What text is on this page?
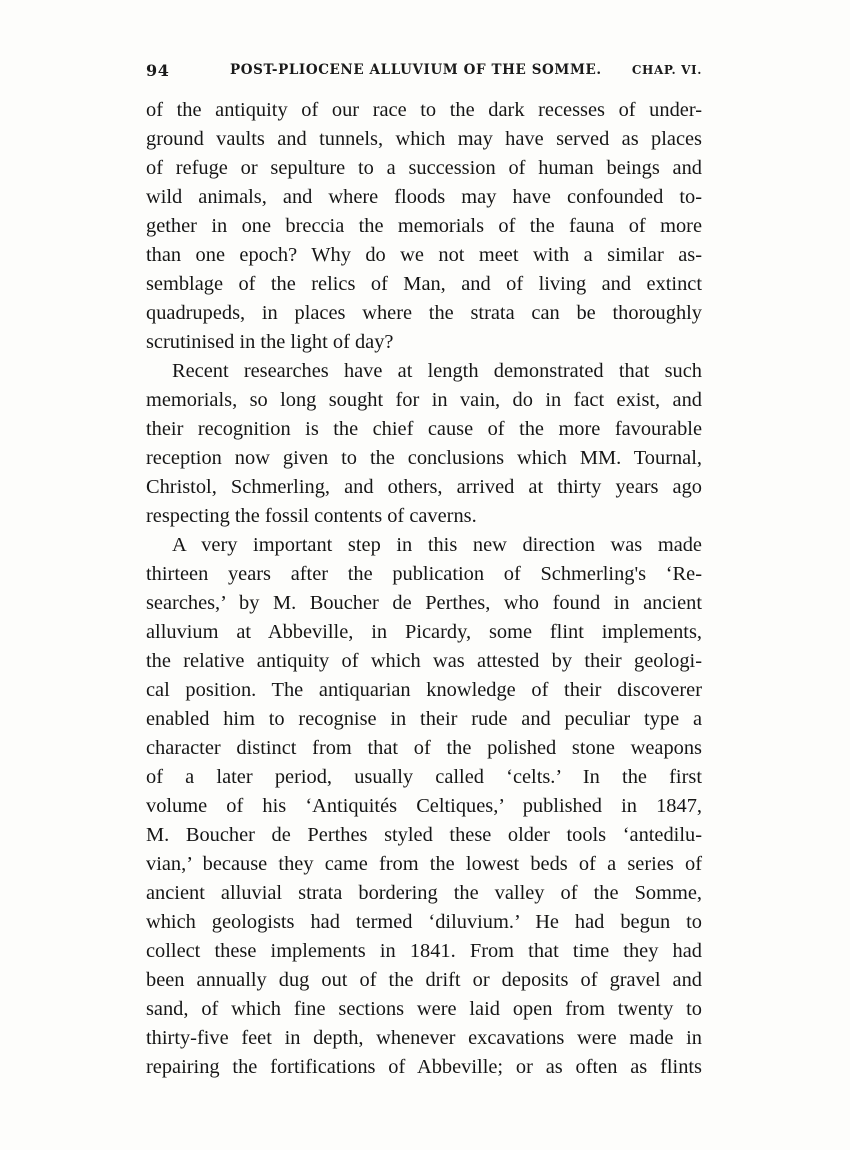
94	POST-PLIOCENE ALLUVIUM OF THE SOMME.	CHAP. VI.

of the antiquity of our race to the dark recesses of under-
ground vaults and tunnels, which may have served as places
of refuge or sepulture to a succession of human beings and
wild animals, and where floods may have confounded to-
gether in one breccia the memorials of the fauna of more
than one epoch? Why do we not meet with a similar as-
semblage of the relics of Man, and of living and extinct
quadrupeds, in places where the strata can be thoroughly
scrutinised in the light of day?

Recent researches have at length demonstrated that such
memorials, so long sought for in vain, do in fact exist, and
their recognition is the chief cause of the more favourable
reception now given to the conclusions which MM. Tournal,
Christol, Schmerling, and others, arrived at thirty years ago
respecting the fossil contents of caverns.

A very important step in this new direction was made
thirteen years after the publication of Schmerling's ‘Re-
searches,’ by M. Boucher de Perthes, who found in ancient
alluvium at Abbeville, in Picardy, some flint implements,
the relative antiquity of which was attested by their geologi-
cal position. The antiquarian knowledge of their discoverer
enabled him to recognise in their rude and peculiar type a
character distinct from that of the polished stone weapons
of a later period, usually called ‘celts.’ In the first
volume of his ‘Antiquités Celtiques,’ published in 1847,
M. Boucher de Perthes styled these older tools ‘antedilu-
vian,’ because they came from the lowest beds of a series of
ancient alluvial strata bordering the valley of the Somme,
which geologists had termed ‘diluvium.’ He had begun to
collect these implements in 1841. From that time they had
been annually dug out of the drift or deposits of gravel and
sand, of which fine sections were laid open from twenty to
thirty-five feet in depth, whenever excavations were made in
repairing the fortifications of Abbeville; or as often as flints
